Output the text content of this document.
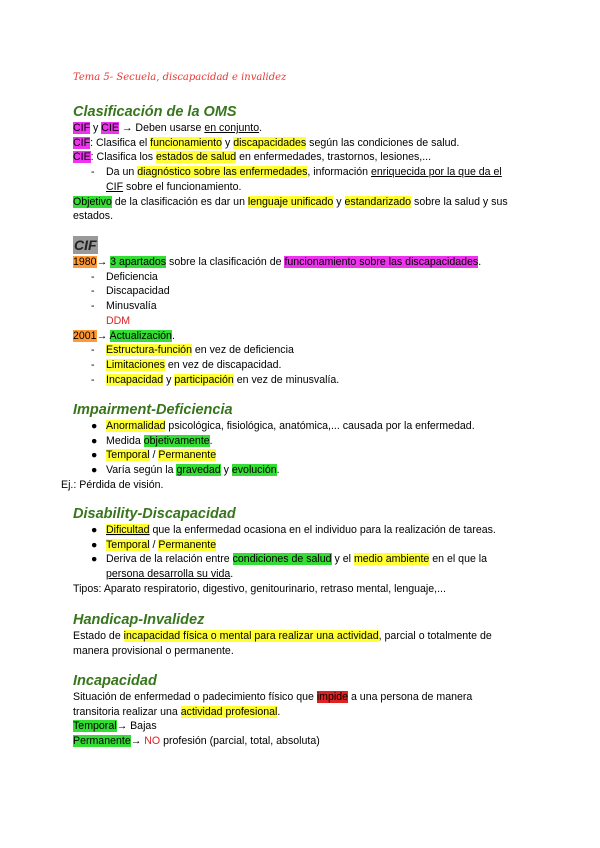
Tema 5- Secuela, discapacidad e invalidez
Clasificación de la OMS
CIF y CIE → Deben usarse en conjunto.
CIF: Clasifica el funcionamiento y discapacidades según las condiciones de salud.
CIE: Clasifica los estados de salud en enfermedades, trastornos, lesiones,...
- Da un diagnóstico sobre las enfermedades, información enriquecida por la que da el
CIF sobre el funcionamiento.
Objetivo de la clasificación es dar un lenguaje unificado y estandarizado sobre la salud y sus
estados.
CIF
1980→ 3 apartados sobre la clasificación de funcionamiento sobre las discapacidades.
- Deficiencia
- Discapacidad
- Minusvalía
DDM
2001→ Actualización.
- Estructura-función en vez de deficiencia
- Limitaciones en vez de discapacidad.
- Incapacidad y participación en vez de minusvalía.
Impairment-Deficiencia
● Anormalidad psicológica, fisiológica, anatómica,... causada por la enfermedad.
● Medida objetivamente.
● Temporal / Permanente
● Varía según la gravedad y evolución.
Ej.: Pérdida de visión.
Disability-Discapacidad
● Dificultad que la enfermedad ocasiona en el individuo para la realización de tareas.
● Temporal / Permanente
● Deriva de la relación entre condiciones de salud y el medio ambiente en el que la
persona desarrolla su vida.
Tipos: Aparato respiratorio, digestivo, genitourinario, retraso mental, lenguaje,...
Handicap-Invalidez
Estado de incapacidad física o mental para realizar una actividad, parcial o totalmente de
manera provisional o permanente.
Incapacidad
Situación de enfermedad o padecimiento físico que impide a una persona de manera
transitoria realizar una actividad profesional.
Temporal→ Bajas
Permanente→ NO profesión (parcial, total, absoluta)
